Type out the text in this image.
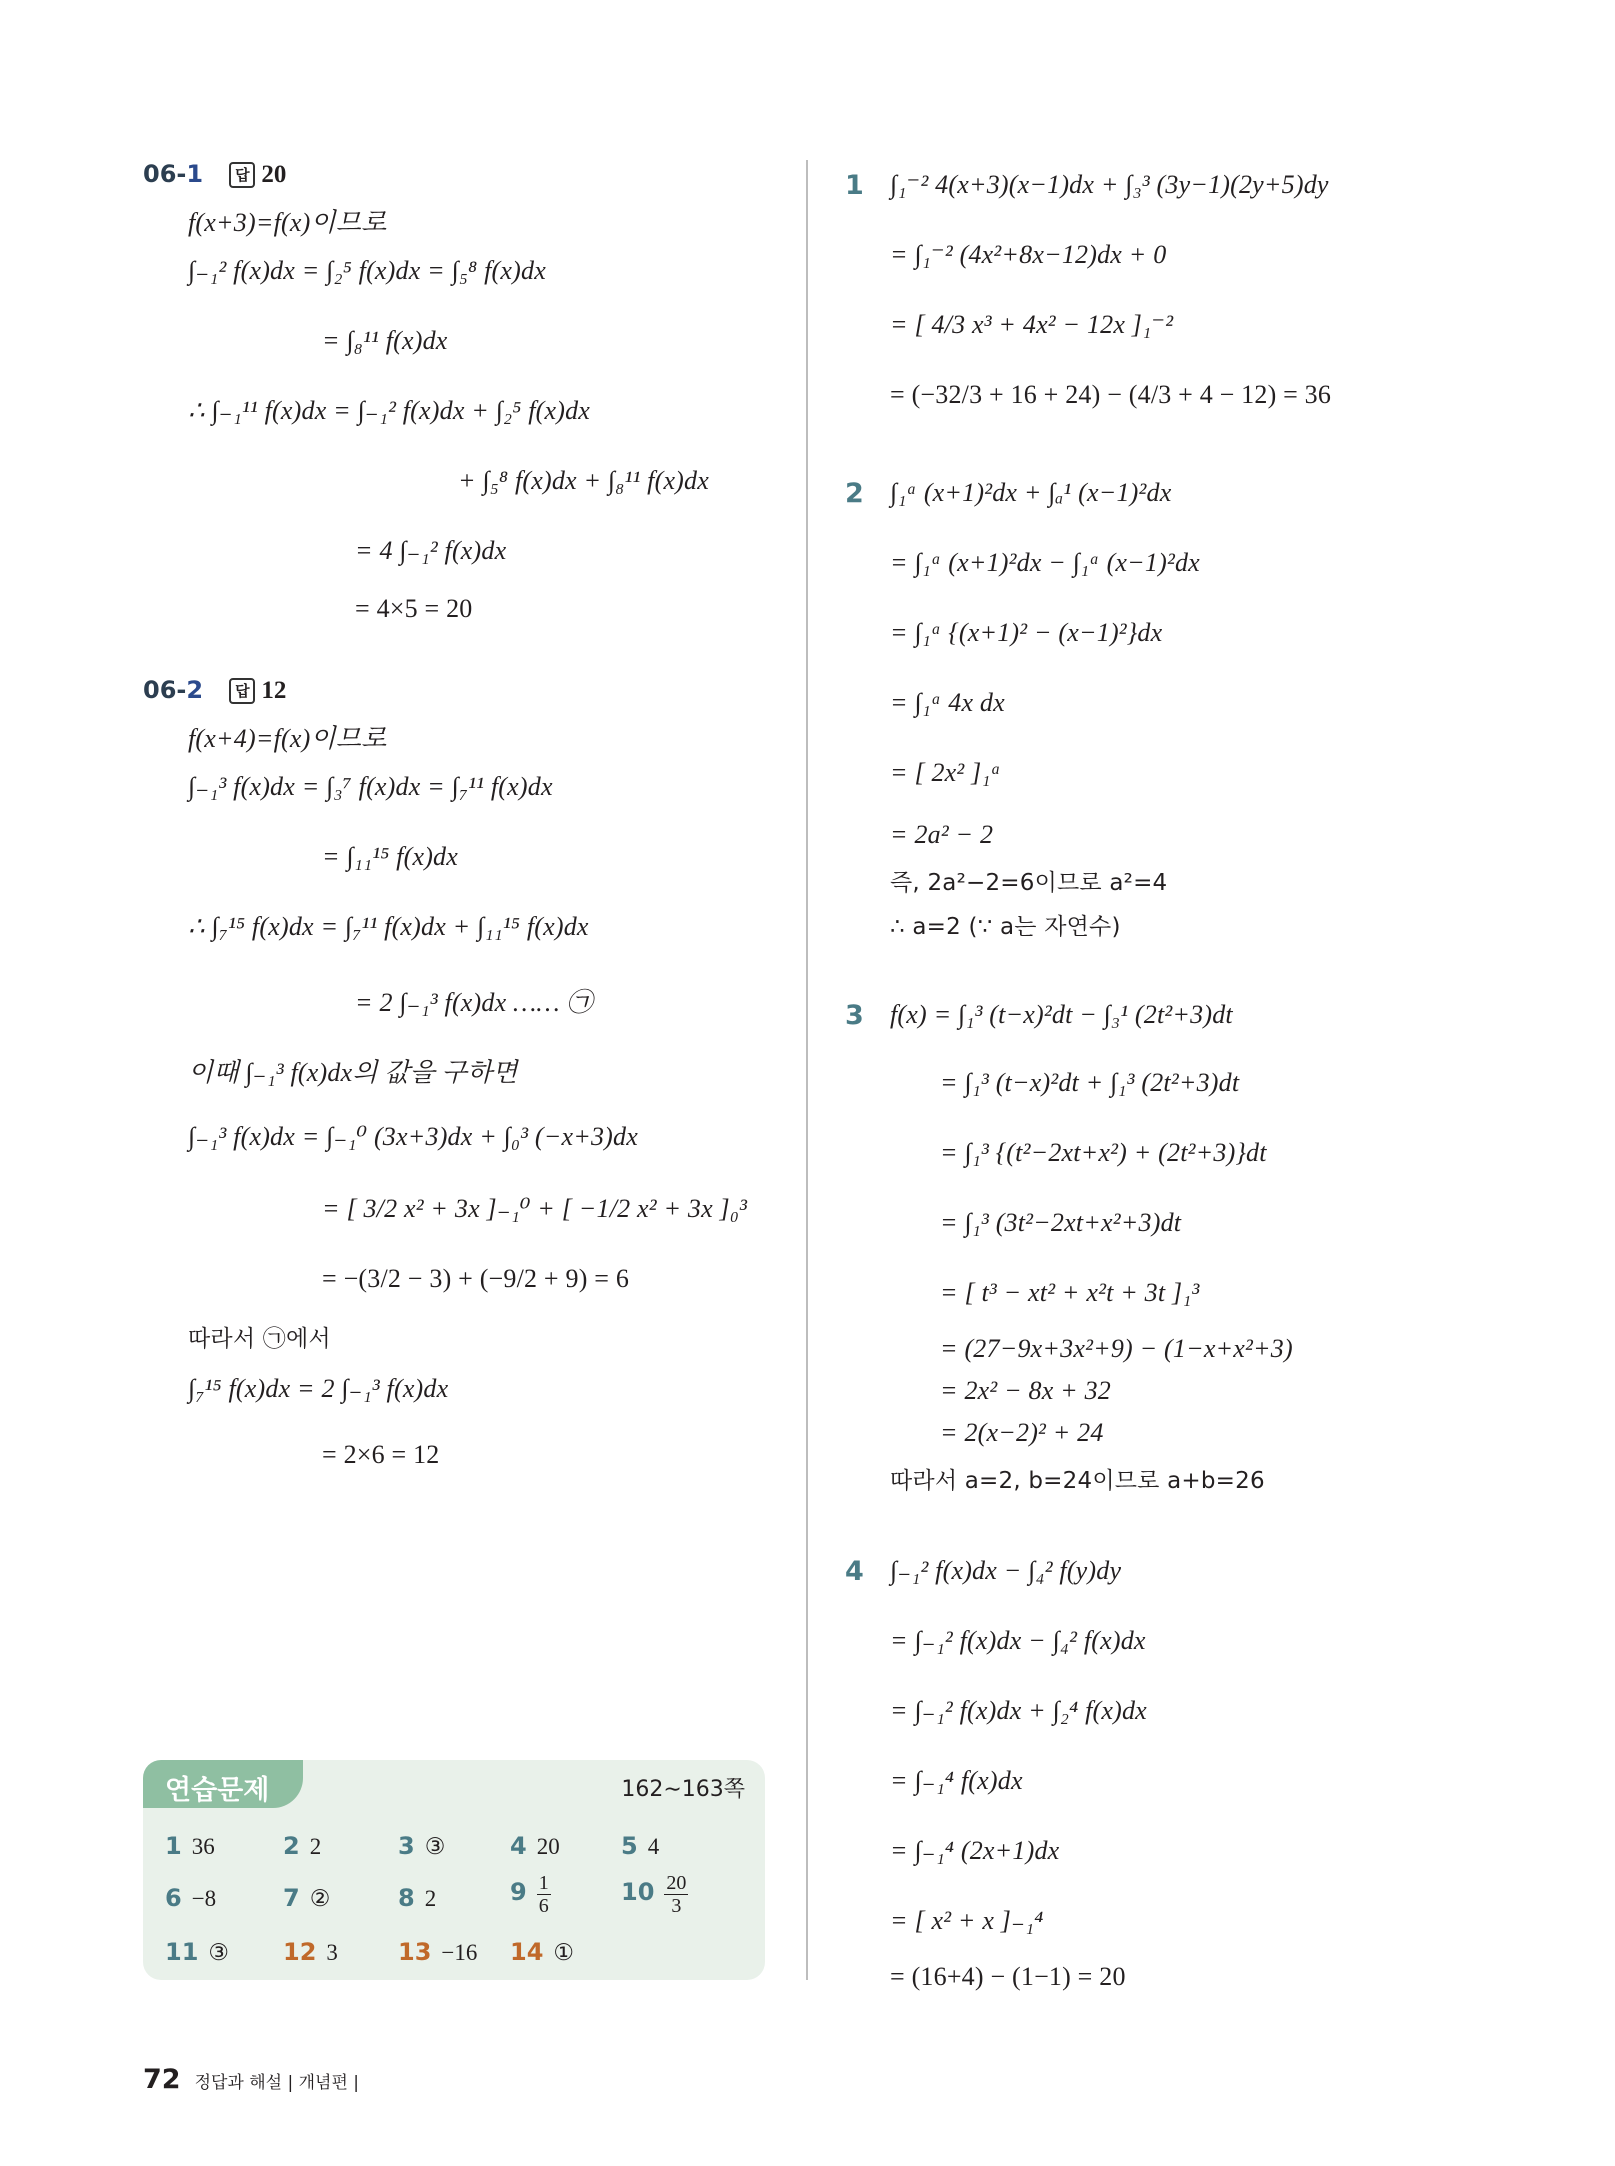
06-1 답 20
f(x+3)=f(x)이므로
∫₋₁² f(x)dx = ∫₂⁵ f(x)dx = ∫₅⁸ f(x)dx
= ∫₈¹¹ f(x)dx
∴ ∫₋₁¹¹ f(x)dx = ∫₋₁² f(x)dx + ∫₂⁵ f(x)dx
+ ∫₅⁸ f(x)dx + ∫₈¹¹ f(x)dx
= 4 ∫₋₁² f(x)dx
= 4×5 = 20
06-2 답 12
f(x+4)=f(x)이므로
∫₋₁³ f(x)dx = ∫₃⁷ f(x)dx = ∫₇¹¹ f(x)dx
= ∫₁₁¹⁵ f(x)dx
∴ ∫₇¹⁵ f(x)dx = ∫₇¹¹ f(x)dx + ∫₁₁¹⁵ f(x)dx
= 2 ∫₋₁³ f(x)dx …… ㉠
이때 ∫₋₁³ f(x)dx의 값을 구하면
∫₋₁³ f(x)dx = ∫₋₁⁰ (3x+3)dx + ∫₀³ (−x+3)dx
= [ 3/2 x² + 3x ]₋₁⁰ + [ −1/2 x² + 3x ]₀³
= −(3/2 − 3) + (−9/2 + 9) = 6
따라서 ㉠에서
∫₇¹⁵ f(x)dx = 2 ∫₋₁³ f(x)dx
= 2×6 = 12
1 ∫₁⁻² 4(x+3)(x−1)dx + ∫₃³ (3y−1)(2y+5)dy
= ∫₁⁻² (4x²+8x−12)dx + 0
= [ 4/3 x³ + 4x² − 12x ]₁⁻²
= (−32/3 + 16 + 24) − (4/3 + 4 − 12) = 36
2 ∫₁ᵃ (x+1)²dx + ∫ₐ¹ (x−1)²dx
= ∫₁ᵃ (x+1)²dx − ∫₁ᵃ (x−1)²dx
= ∫₁ᵃ {(x+1)² − (x−1)²}dx
= ∫₁ᵃ 4x dx
= [ 2x² ]₁ᵃ
= 2a² − 2
즉, 2a²−2=6이므로 a²=4
∴ a=2 (∵ a는 자연수)
3 f(x) = ∫₁³ (t−x)²dt − ∫₃¹ (2t²+3)dt
= ∫₁³ (t−x)²dt + ∫₁³ (2t²+3)dt
= ∫₁³ {(t²−2xt+x²) + (2t²+3)}dt
= ∫₁³ (3t²−2xt+x²+3)dt
= [ t³ − xt² + x²t + 3t ]₁³
= (27−9x+3x²+9) − (1−x+x²+3)
= 2x² − 8x + 32
= 2(x−2)² + 24
따라서 a=2, b=24이므로 a+b=26
4 ∫₋₁² f(x)dx − ∫₄² f(y)dy
= ∫₋₁² f(x)dx − ∫₄² f(x)dx
= ∫₋₁² f(x)dx + ∫₂⁴ f(x)dx
= ∫₋₁⁴ f(x)dx
= ∫₋₁⁴ (2x+1)dx
= [ x² + x ]₋₁⁴
= (16+4) − (1−1) = 20
연습문제	162∼163쪽
1 36	2 2	3 ③	4 20	5 4
6 −8	7 ②	8 2	$9 \frac{1}{6}$	$10 \frac{20}{3}$
11 ③ 12 3	13 −16 14 ①
72 정답과 해설 | 개념편 |
